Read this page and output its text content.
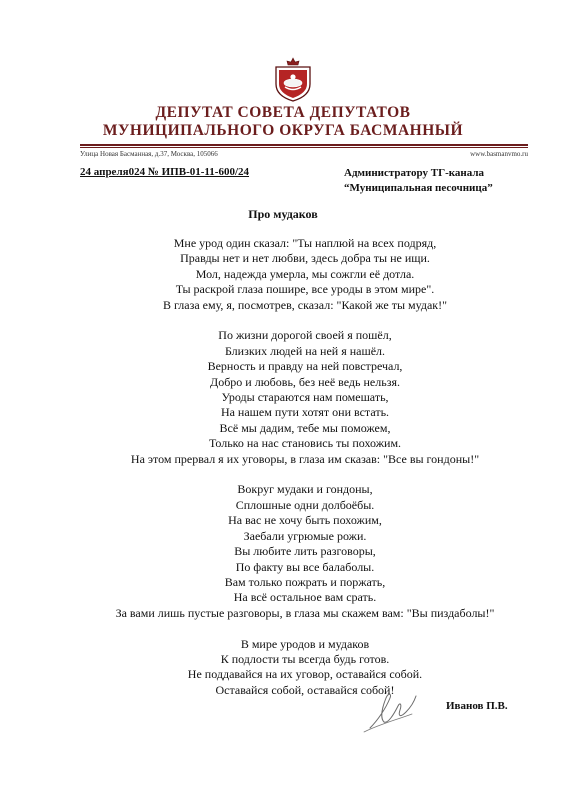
ДЕПУТАТ СОВЕТА ДЕПУТАТОВ
МУНИЦИПАЛЬНОГО ОКРУГА БАСМАННЫЙ
Улица Новая Басманная, д.37, Москва, 105066	www.basmanvmo.ru
24 апреля024 № ИПВ-01-11-600/24	Администратору ТГ-канала
“Муниципальная песочница”
Про мудаков
Мне урод один сказал: "Ты наплюй на всех подряд,
Правды нет и нет любви, здесь добра ты не ищи.
Мол, надежда умерла, мы сожгли её дотла.
Ты раскрой глаза пошире, все уроды в этом мире".
В глаза ему, я, посмотрев, сказал: "Какой же ты мудак!"
По жизни дорогой своей я пошёл,
Близких людей на ней я нашёл.
Верность и правду на ней повстречал,
Добро и любовь, без неё ведь нельзя.
Уроды стараются нам помешать,
На нашем пути хотят они встать.
Всё мы дадим, тебе мы поможем,
Только на нас становись ты похожим.
На этом прервал я их уговоры, в глаза им сказав: "Все вы гондоны!"
Вокруг мудаки и гондоны,
Сплошные одни долбоёбы.
На вас не хочу быть похожим,
Заебали угрюмые рожи.
Вы любите лить разговоры,
По факту вы все балаболы.
Вам только пожрать и поржать,
На всё остальное вам срать.
За вами лишь пустые разговоры, в глаза мы скажем вам: "Вы пиздаболы!"
В мире уродов и мудаков
К подлости ты всегда будь готов.
Не поддавайся на их уговор, оставайся собой.
Оставайся собой, оставайся собой!
Иванов П.В.
